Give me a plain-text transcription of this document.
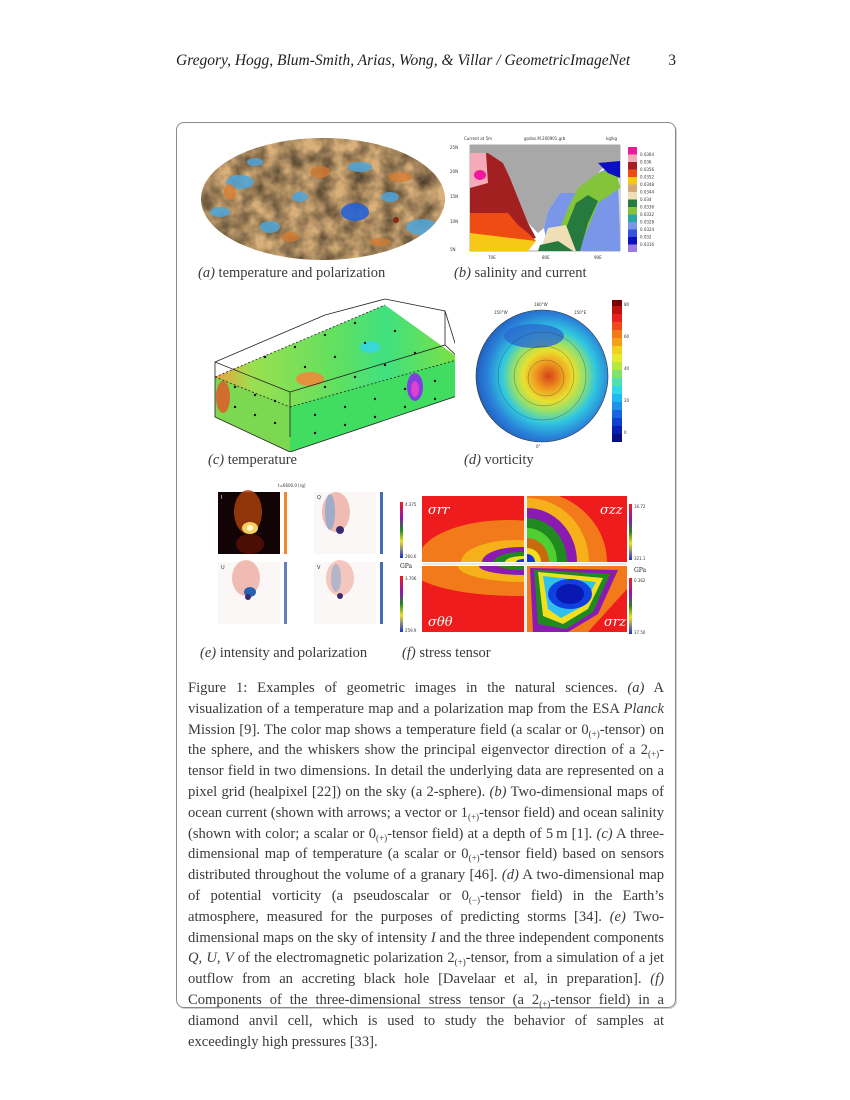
Gregory, Hogg, Blum-Smith, Arias, Wong, & Villar / GeometricImageNet 3
(a) temperature and polarization
Current at 5m	godas.M.200901.grb	kg/kg
25N
20N
15N
10N
5N
70E	80E	90E
0.0364
0.036
0.0356
0.0352
0.0348
0.0344
0.034
0.0336
0.0332
0.0328
0.0324
0.032
0.0316
(b) salinity and current
(c) temperature
180°W
150°E
150°W
0°
80
60
40
20
0
(d) vorticity
t=6600.0 [rg]
I	Q
U	V
(e) intensity and polarization
σrr	σzz
σθθ	σrz
GPa
GPa
4.375
260.6
3.706
259.9
16.72
321.1
0.362
37.50
(f) stress tensor

Figure 1: Examples of geometric images in the natural sciences. (a) A visualization of a temperature map and a polarization map from the ESA Planck Mission [9]. The color map shows a temperature field (a scalar or $0_{(+)}-tensor$) on the sphere, and the whiskers show the principal eigenvector direction of a $2_{(+)}$-tensor field in two dimensions. In detail the underlying data are represented on a pixel grid (healpixel [22]) on the sky (a 2-sphere). (b) Two-dimensional maps of ocean current (shown with arrows; a vector or $1_{(+)}$-tensor field) and ocean salinity (shown with color; a scalar or $0_{(+)}$-tensor field) at a depth of 5 m [1]. (c) A three-dimensional map of temperature (a scalar or $0_{(+)}$-tensor field) based on sensors distributed throughout the volume of a granary [46]. (d) A two-dimensional map of potential vorticity (a pseudoscalar or $0_{(-)}$-tensor field) in the Earth’s atmosphere, measured for the purposes of predicting storms [34]. (e) Two-dimensional maps on the sky of intensity I and the three independent components Q, U, V of the electromagnetic polarization $2_{(+)}$-tensor, from a simulation of a jet outflow from an accreting black hole [Davelaar et al, in preparation]. (f) Components of the three-dimensional stress tensor (a $2_{(+)}$-tensor field) in a diamond anvil cell, which is used to study the behavior of samples at exceedingly high pressures [33].
